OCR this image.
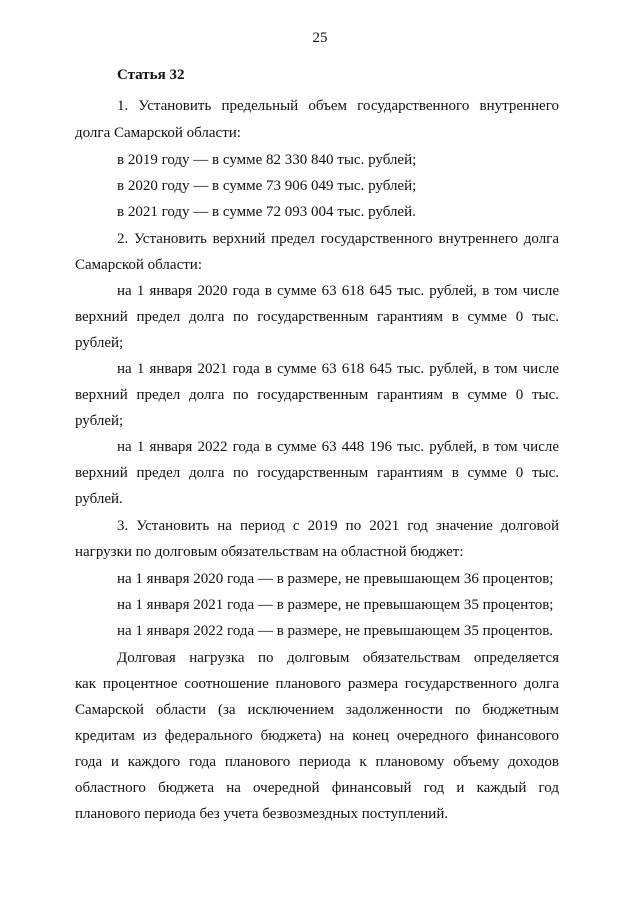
25
Статья 32
1. Установить предельный объем государственного внутреннего
долга Самарской области:
в 2019 году — в сумме 82 330 840 тыс. рублей;
в 2020 году — в сумме 73 906 049 тыс. рублей;
в 2021 году — в сумме 72 093 004 тыс. рублей.
2. Установить верхний предел государственного внутреннего долга
Самарской области:
на 1 января 2020 года в сумме 63 618 645 тыс. рублей, в том числе
верхний предел долга по государственным гарантиям в сумме 0 тыс.
рублей;
на 1 января 2021 года в сумме 63 618 645 тыс. рублей, в том числе
верхний предел долга по государственным гарантиям в сумме 0 тыс.
рублей;
на 1 января 2022 года в сумме 63 448 196 тыс. рублей, в том числе
верхний предел долга по государственным гарантиям в сумме 0 тыс.
рублей.
3. Установить на период с 2019 по 2021 год значение долговой
нагрузки по долговым обязательствам на областной бюджет:
на 1 января 2020 года — в размере, не превышающем 36 процентов;
на 1 января 2021 года — в размере, не превышающем 35 процентов;
на 1 января 2022 года — в размере, не превышающем 35 процентов.
Долговая нагрузка по долговым обязательствам определяется
как процентное соотношение планового размера государственного долга
Самарской области (за исключением задолженности по бюджетным
кредитам из федерального бюджета) на конец очередного финансового
года и каждого года планового периода к плановому объему доходов
областного бюджета на очередной финансовый год и каждый год
планового периода без учета безвозмездных поступлений.
